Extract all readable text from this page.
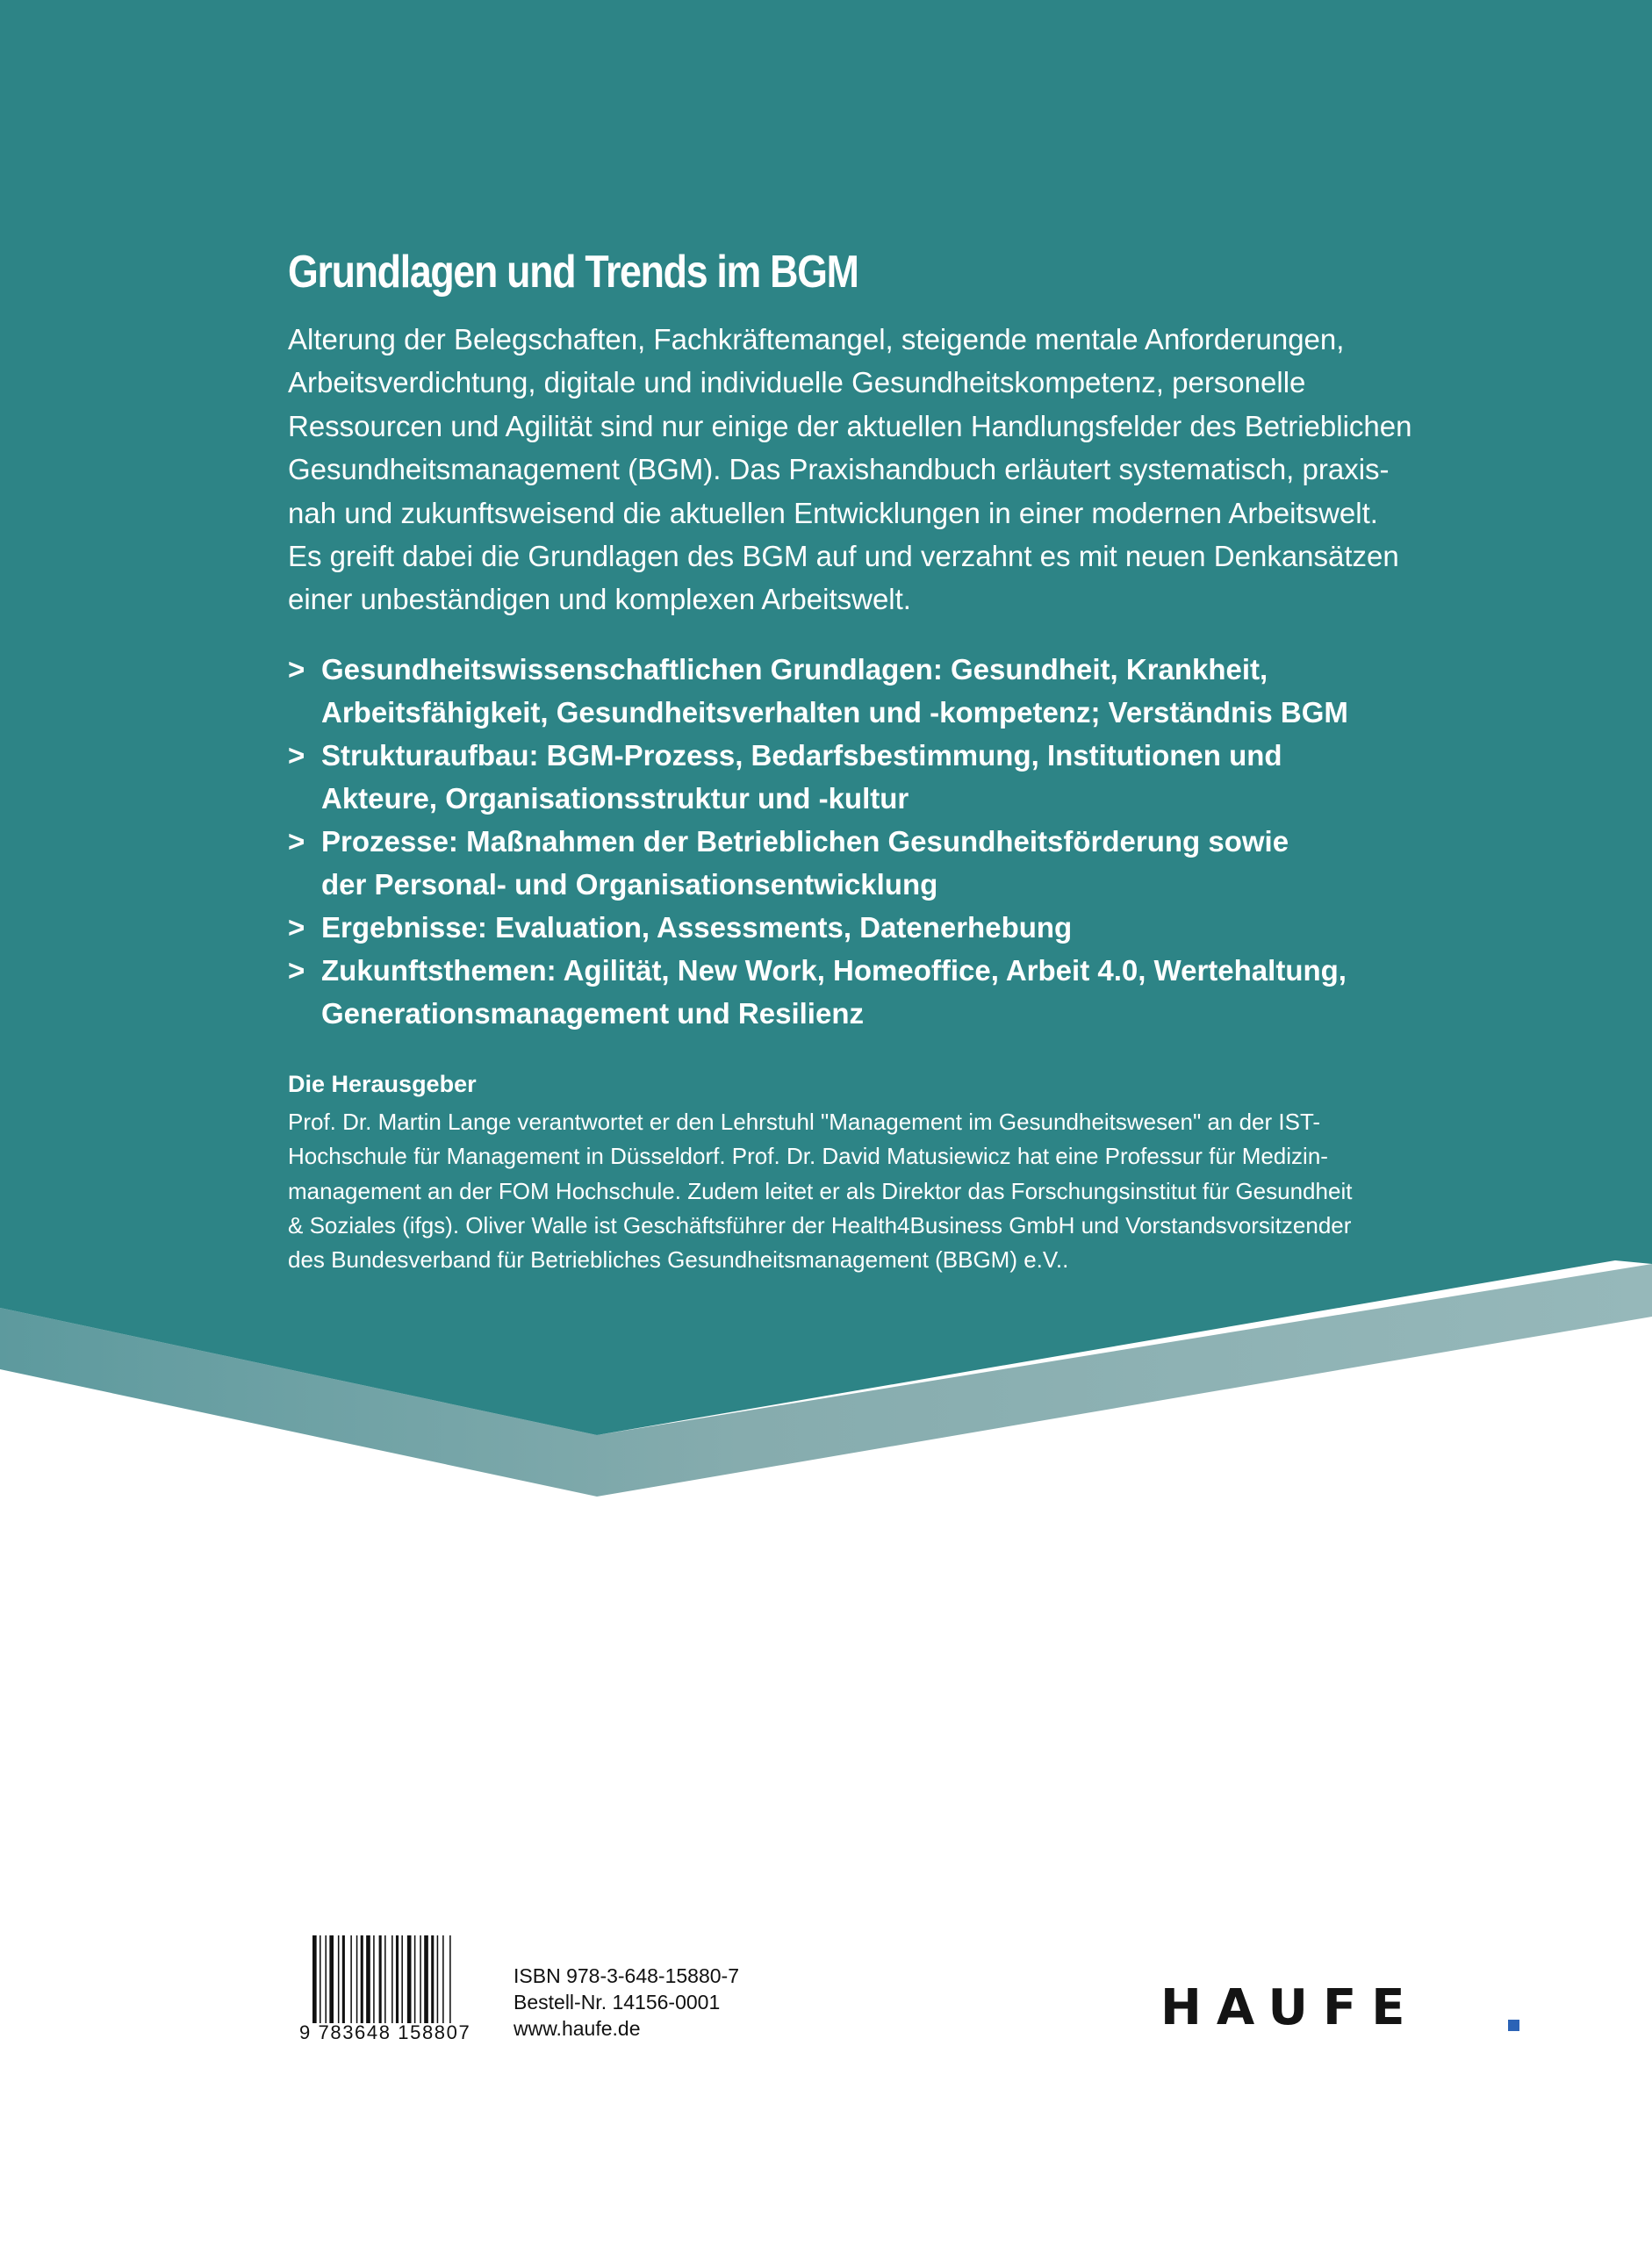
Grundlagen und Trends im BGM

Alterung der Belegschaften, Fachkräftemangel, steigende mentale Anforderungen,
Arbeitsverdichtung, digitale und individuelle Gesundheitskompetenz, personelle
Ressourcen und Agilität sind nur einige der aktuellen Handlungsfelder des Betrieblichen
Gesundheitsmanagement (BGM). Das Praxishandbuch erläutert systematisch, praxis-
nah und zukunftsweisend die aktuellen Entwicklungen in einer modernen Arbeitswelt.
Es greift dabei die Grundlagen des BGM auf und verzahnt es mit neuen Denkansätzen
einer unbeständigen und komplexen Arbeitswelt.

> Gesundheitswissenschaftlichen Grundlagen: Gesundheit, Krankheit,
Arbeitsfähigkeit, Gesundheitsverhalten und -kompetenz; Verständnis BGM
> Strukturaufbau: BGM-Prozess, Bedarfsbestimmung, Institutionen und
Akteure, Organisationsstruktur und -kultur
> Prozesse: Maßnahmen der Betrieblichen Gesundheitsförderung sowie
der Personal- und Organisationsentwicklung
> Ergebnisse: Evaluation, Assessments, Datenerhebung
> Zukunftsthemen: Agilität, New Work, Homeoffice, Arbeit 4.0, Wertehaltung,
Generationsmanagement und Resilienz
Die Herausgeber

Prof. Dr. Martin Lange verantwortet er den Lehrstuhl "Management im Gesundheitswesen" an der IST-
Hochschule für Management in Düsseldorf. Prof. Dr. David Matusiewicz hat eine Professur für Medizin-
management an der FOM Hochschule. Zudem leitet er als Direktor das Forschungsinstitut für Gesundheit
& Soziales (ifgs). Oliver Walle ist Geschäftsführer der Health4Business GmbH und Vorstandsvorsitzender
des Bundesverband für Betriebliches Gesundheitsmanagement (BBGM) e.V..

9 783648 158807
ISBN 978-3-648-15880-7
Bestell-Nr. 14156-0001
www.haufe.de	HAUFE
